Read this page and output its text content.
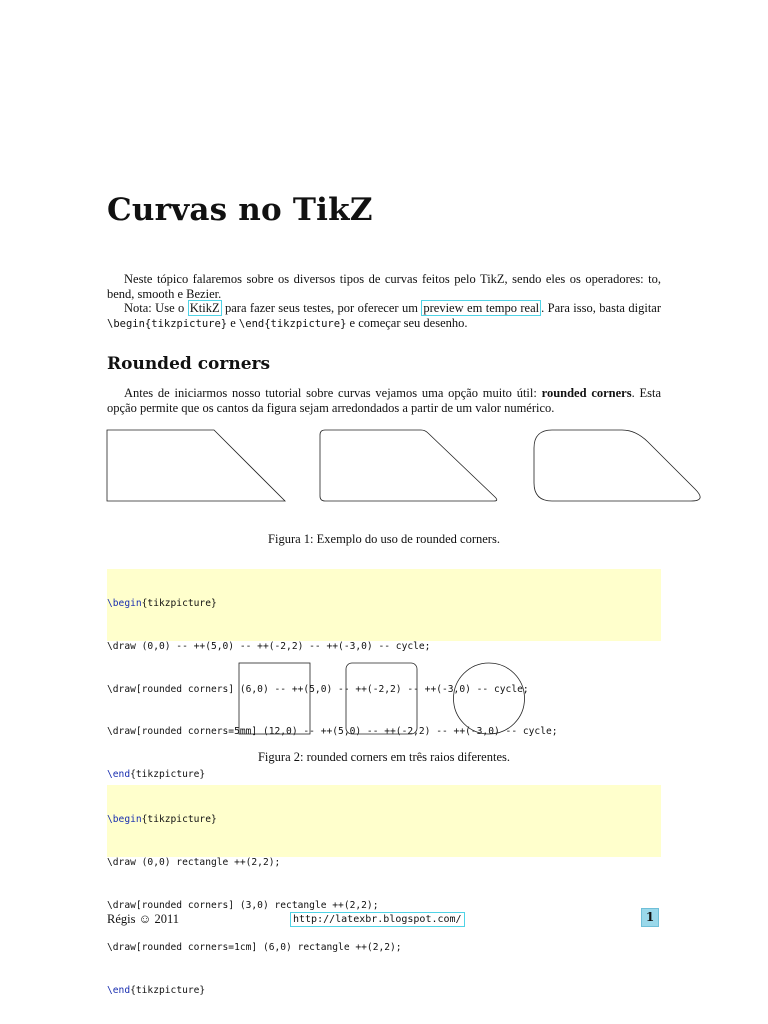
Curvas no TikZ
Neste tópico falaremos sobre os diversos tipos de curvas feitos pelo TikZ, sendo eles os operadores: to, bend, smooth e Bezier.
Nota: Use o KtikZ para fazer seus testes, por oferecer um preview em tempo real . Para isso, basta digitar \begin{tikzpicture} e \end{tikzpicture} e começar seu desenho.
Rounded corners
Antes de iniciarmos nosso tutorial sobre curvas vejamos uma opção muito útil: rounded corners. Esta opção permite que os cantos da figura sejam arredondados a partir de um valor numérico.
Figura 1: Exemplo do uso de rounded corners.

\begin{tikzpicture}

\draw (0,0) -- ++(5,0) -- ++(-2,2) -- ++(-3,0) -- cycle;

\draw[rounded corners] (6,0) -- ++(5,0) -- ++(-2,2) -- ++(-3,0) -- cycle;

\draw[rounded corners=5mm] (12,0) -- ++(5,0) -- ++(-2,2) -- ++(-3,0) -- cycle;

\end{tikzpicture}

Figura 2: rounded corners em três raios diferentes.

\begin{tikzpicture}

\draw (0,0) rectangle ++(2,2);

\draw[rounded corners] (3,0) rectangle ++(2,2);

\draw[rounded corners=1cm] (6,0) rectangle ++(2,2);

\end{tikzpicture}

Régis ☺ 2011	http://latexbr.blogspot.com/	1
